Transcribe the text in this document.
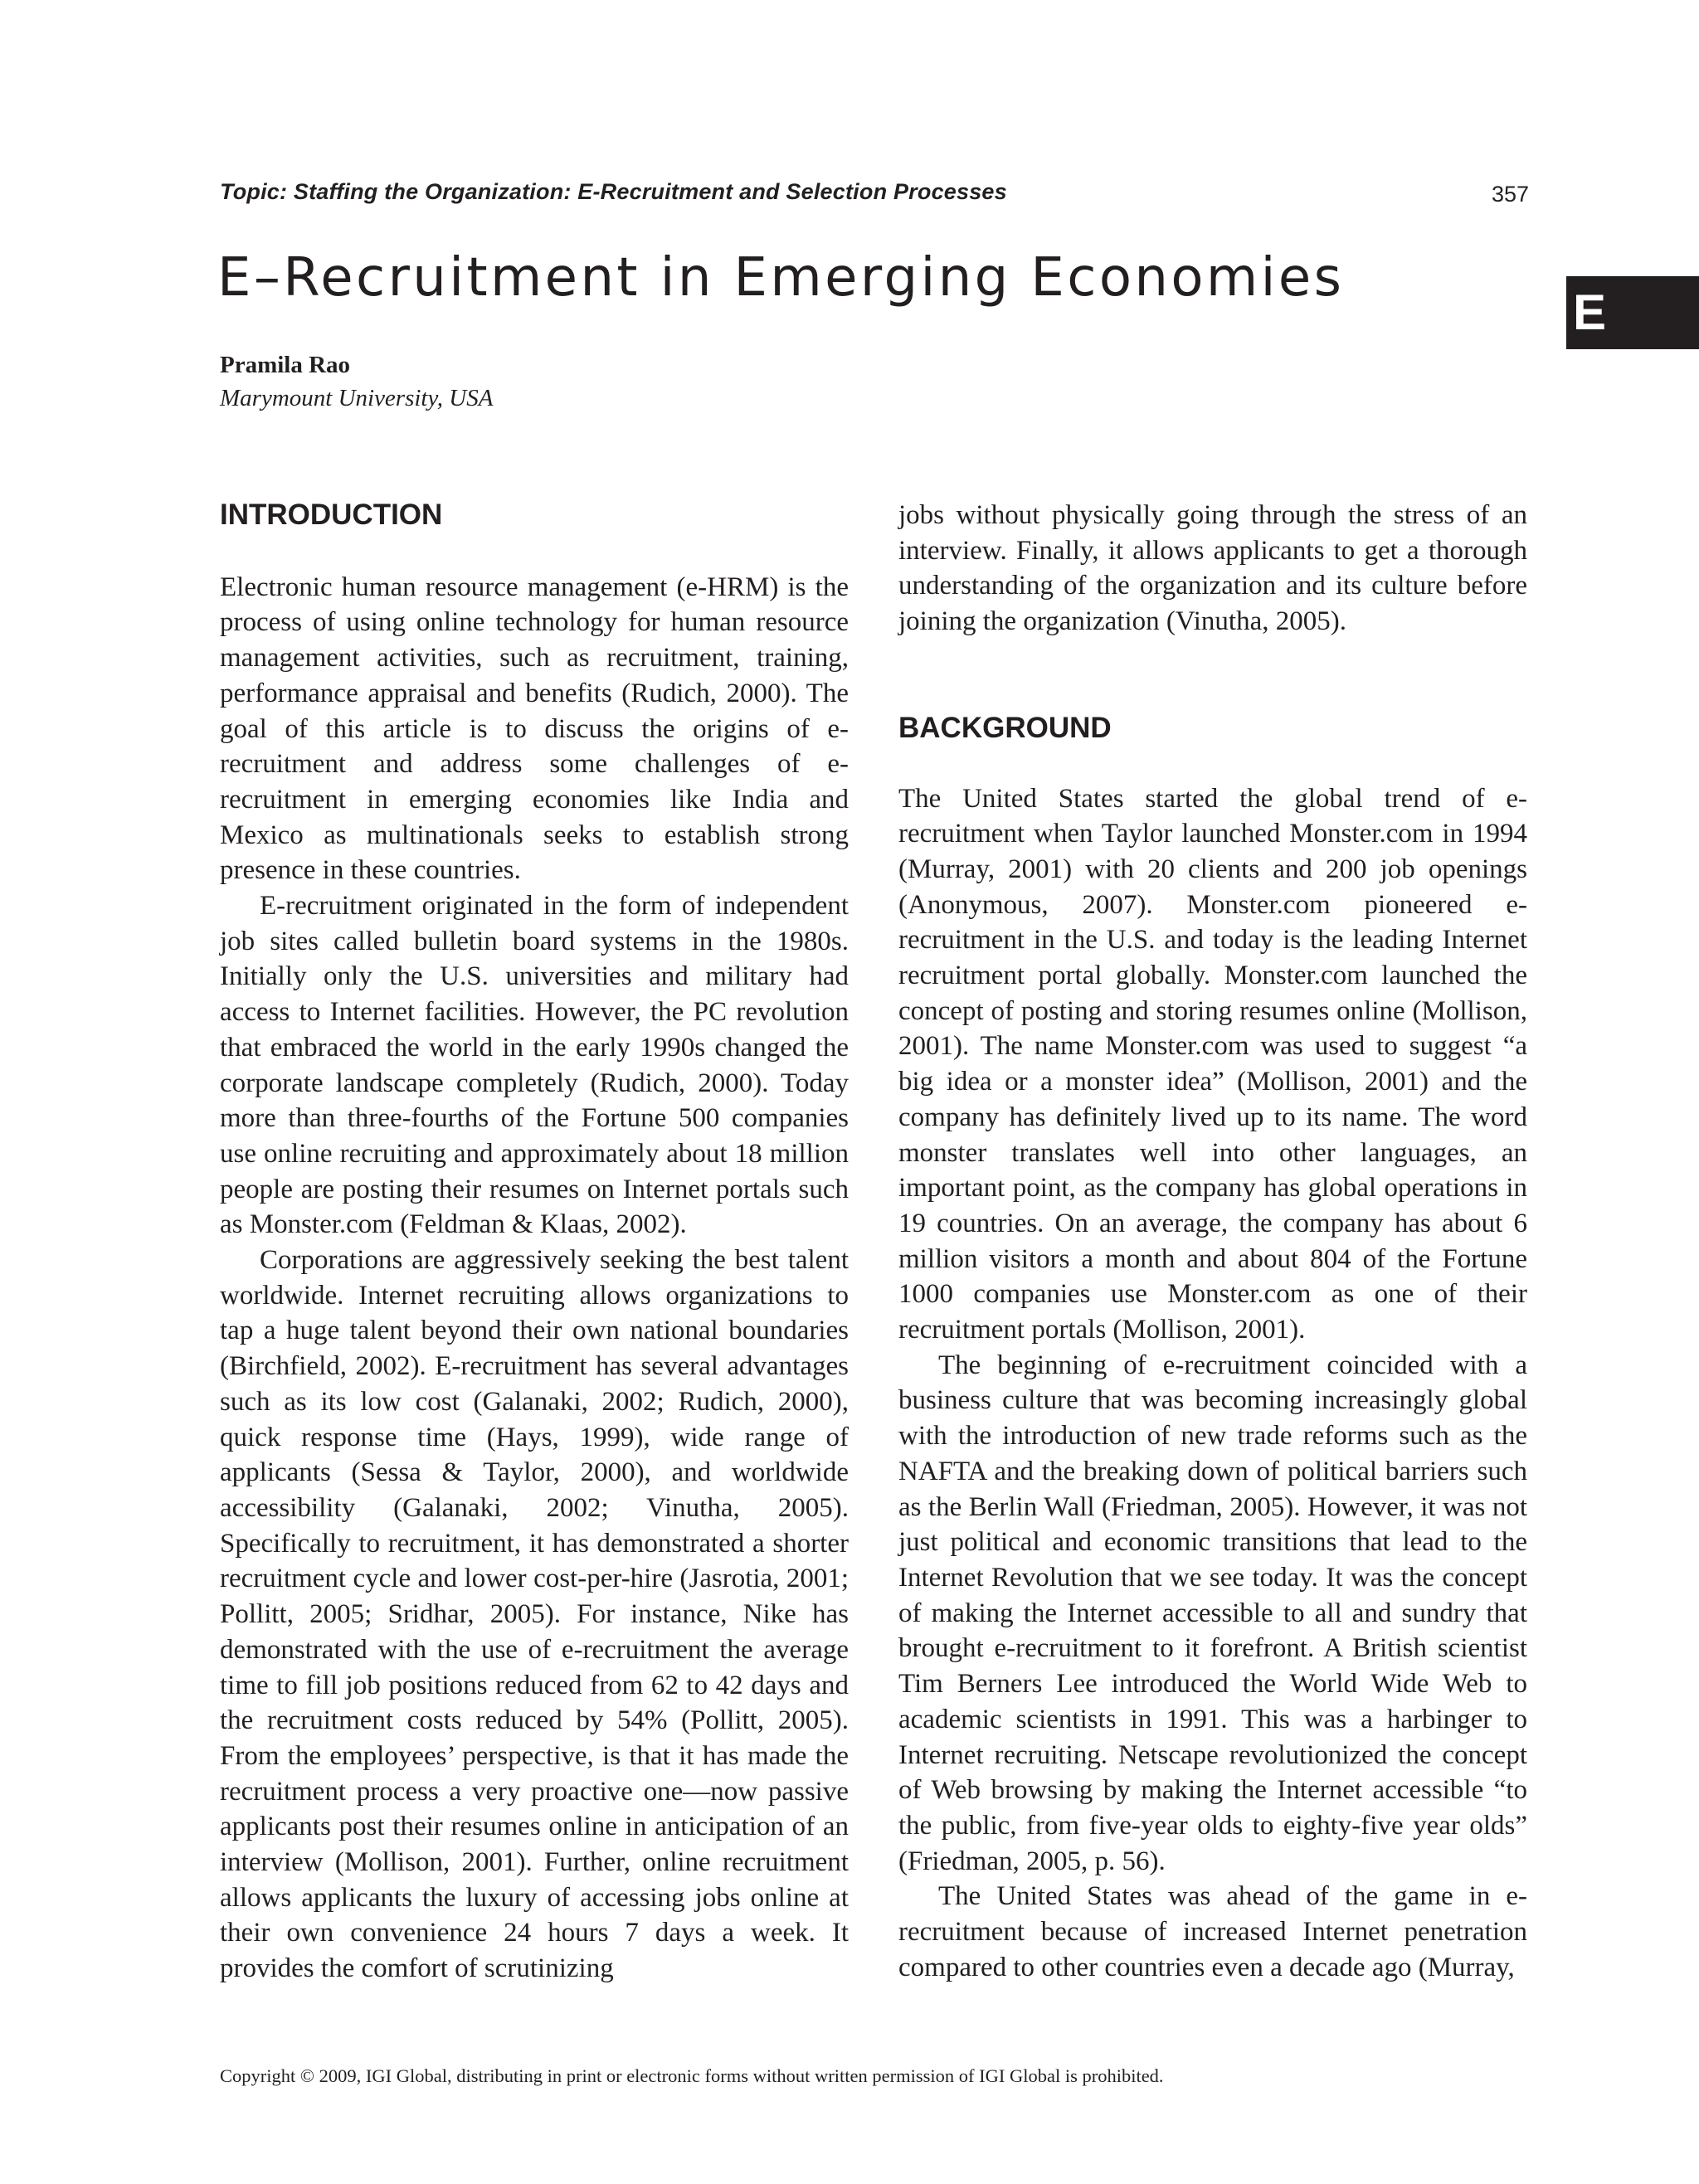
Topic: Staffing the Organization: E-Recruitment and Selection Processes	357
E
E–Recruitment in Emerging Economies
Pramila Rao
Marymount University, USA
INTRODUCTION

Electronic human resource management (e-HRM) is the process of using online technology for human resource management activities, such as recruitment, training, performance appraisal and benefits (Rudich, 2000). The goal of this article is to discuss the origins of e-recruitment and address some challenges of e-recruitment in emerging economies like India and Mexico as multinationals seeks to establish strong presence in these countries.

E-recruitment originated in the form of independent job sites called bulletin board systems in the 1980s. Initially only the U.S. universities and military had access to Internet facilities. However, the PC revolution that embraced the world in the early 1990s changed the corporate landscape completely (Rudich, 2000). Today more than three-fourths of the Fortune 500 companies use online recruiting and approximately about 18 million people are posting their resumes on Internet portals such as Monster.com (Feldman & Klaas, 2002).

Corporations are aggressively seeking the best talent worldwide. Internet recruiting allows organizations to tap a huge talent beyond their own national boundaries (Birchfield, 2002). E-recruitment has several advantages such as its low cost (Galanaki, 2002; Rudich, 2000), quick response time (Hays, 1999), wide range of applicants (Sessa & Taylor, 2000), and worldwide accessibility (Galanaki, 2002; Vinutha, 2005). Specifically to recruitment, it has demonstrated a shorter recruitment cycle and lower cost-per-hire (Jasrotia, 2001; Pollitt, 2005; Sridhar, 2005). For instance, Nike has demonstrated with the use of e-recruitment the average time to fill job positions reduced from 62 to 42 days and the recruitment costs reduced by 54% (Pollitt, 2005). From the employees’ perspective, is that it has made the recruitment process a very proactive one—now passive applicants post their resumes online in anticipation of an interview (Mollison, 2001). Further, online recruitment allows applicants the luxury of accessing jobs online at their own convenience 24 hours 7 days a week. It provides the comfort of scrutinizing

jobs without physically going through the stress of an interview. Finally, it allows applicants to get a thorough understanding of the organization and its culture before joining the organization (Vinutha, 2005).

BACKGROUND

The United States started the global trend of e-recruitment when Taylor launched Monster.com in 1994 (Murray, 2001) with 20 clients and 200 job openings (Anonymous, 2007). Monster.com pioneered e-recruitment in the U.S. and today is the leading Internet recruitment portal globally. Monster.com launched the concept of posting and storing resumes online (Mollison, 2001). The name Monster.com was used to suggest “a big idea or a monster idea” (Mollison, 2001) and the company has definitely lived up to its name. The word monster translates well into other languages, an important point, as the company has global operations in 19 countries. On an average, the company has about 6 million visitors a month and about 804 of the Fortune 1000 companies use Monster.com as one of their recruitment portals (Mollison, 2001).

The beginning of e-recruitment coincided with a business culture that was becoming increasingly global with the introduction of new trade reforms such as the NAFTA and the breaking down of political barriers such as the Berlin Wall (Friedman, 2005). However, it was not just political and economic transitions that lead to the Internet Revolution that we see today. It was the concept of making the Internet accessible to all and sundry that brought e-recruitment to it forefront. A British scientist Tim Berners Lee introduced the World Wide Web to academic scientists in 1991. This was a harbinger to Internet recruiting. Netscape revolutionized the concept of Web browsing by making the Internet accessible “to the public, from five-year olds to eighty-five year olds” (Friedman, 2005, p. 56).

The United States was ahead of the game in e-recruitment because of increased Internet penetration compared to other countries even a decade ago (Murray,

Copyright © 2009, IGI Global, distributing in print or electronic forms without written permission of IGI Global is prohibited.
